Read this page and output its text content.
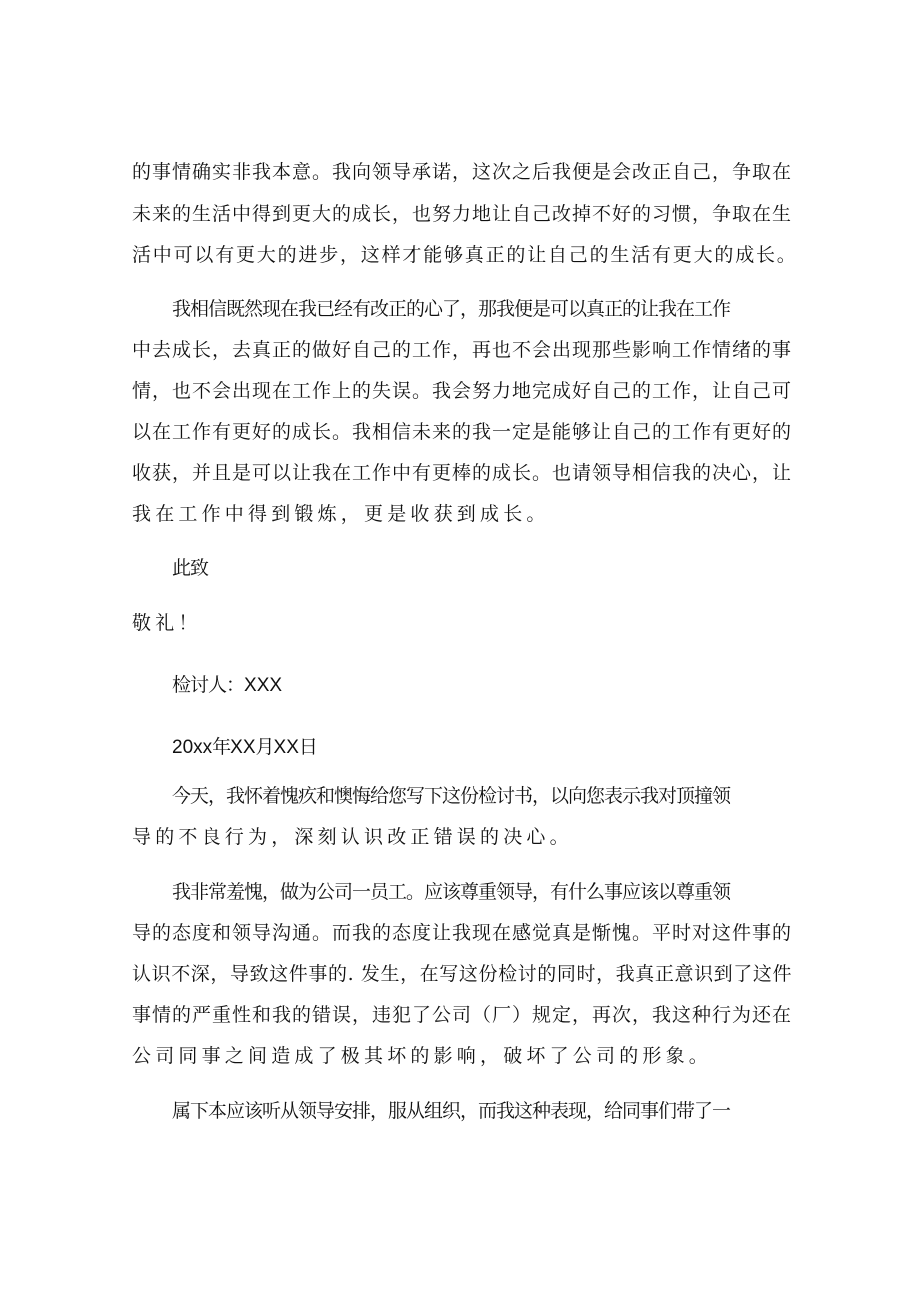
的事情确实非我本意。我向领导承诺，这次之后我便是会改正自己，争取在
未来的生活中得到更大的成长，也努力地让自己改掉不好的习惯，争取在生
活中可以有更大的进步，这样才能够真正的让自己的生活有更大的成长。
我相信既然现在我已经有改正的心了，那我便是可以真正的让我在工作
中去成长，去真正的做好自己的工作，再也不会出现那些影响工作情绪的事
情，也不会出现在工作上的失误。我会努力地完成好自己的工作，让自己可
以在工作有更好的成长。我相信未来的我一定是能够让自己的工作有更好的
收获，并且是可以让我在工作中有更棒的成长。也请领导相信我的决心，让
我在工作中得到锻炼，更是收获到成长。
此致
敬礼！
检讨人：XXX
20xx年XX月XX日
今天，我怀着愧疚和懊悔给您写下这份检讨书，以向您表示我对顶撞领
导的不良行为，深刻认识改正错误的决心。
我非常羞愧，做为公司一员工。应该尊重领导，有什么事应该以尊重领
导的态度和领导沟通。而我的态度让我现在感觉真是惭愧。平时对这件事的
认识不深，导致这件事的. 发生，在写这份检讨的同时，我真正意识到了这件
事情的严重性和我的错误，违犯了公司（厂）规定，再次，我这种行为还在
公司同事之间造成了极其坏的影响，破坏了公司的形象。
属下本应该听从领导安排，服从组织，而我这种表现，给同事们带了一
